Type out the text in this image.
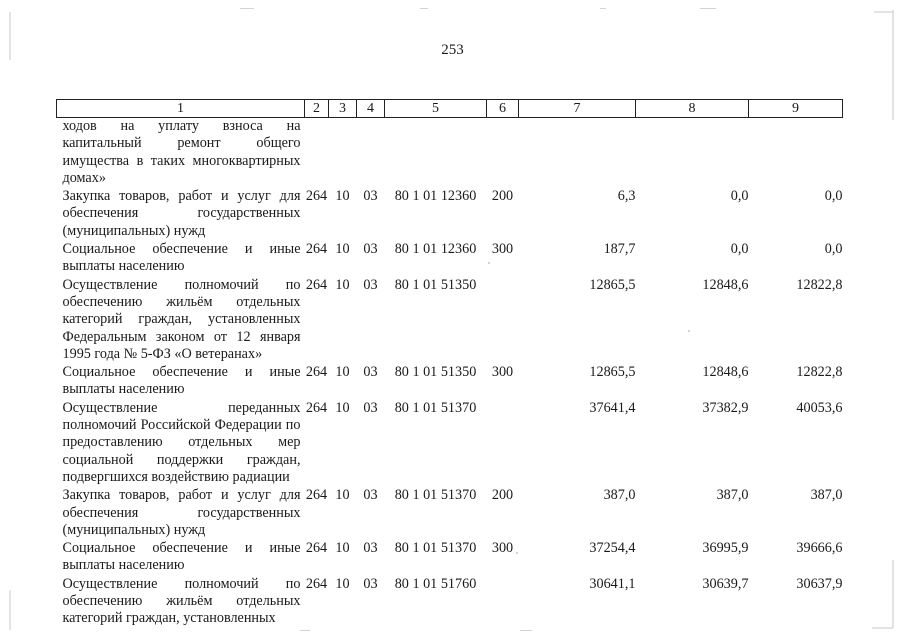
253
1	2	3	4	5	6	7	8	9
ходов на уплату взноса на капитальный ремонт общего имущества в таких многоквартирных домах»								
Закупка товаров, работ и услуг для обеспечения государственных (муниципальных) нужд	264	10	03	80 1 01 12360	200	6,3	0,0	0,0
Социальное обеспечение и иные выплаты населению	264	10	03	80 1 01 12360	300	187,7	0,0	0,0
Осуществление полномочий по обеспечению жильём отдельных категорий граждан, установленных Федеральным законом от 12 января 1995 года № 5-ФЗ «О ветеранах»	264	10	03	80 1 01 51350		12865,5	12848,6	12822,8
Социальное обеспечение и иные выплаты населению	264	10	03	80 1 01 51350	300	12865,5	12848,6	12822,8
Осуществление переданных полномочий Российской Федерации по предоставлению отдельных мер социальной поддержки граждан, подвергшихся воздействию радиации	264	10	03	80 1 01 51370		37641,4	37382,9	40053,6
Закупка товаров, работ и услуг для обеспечения государственных (муниципальных) нужд	264	10	03	80 1 01 51370	200	387,0	387,0	387,0
Социальное обеспечение и иные выплаты населению	264	10	03	80 1 01 51370	300	37254,4	36995,9	39666,6
Осуществление полномочий по обеспечению жильём отдельных категорий граждан, установленных	264	10	03	80 1 01 51760		30641,1	30639,7	30637,9
